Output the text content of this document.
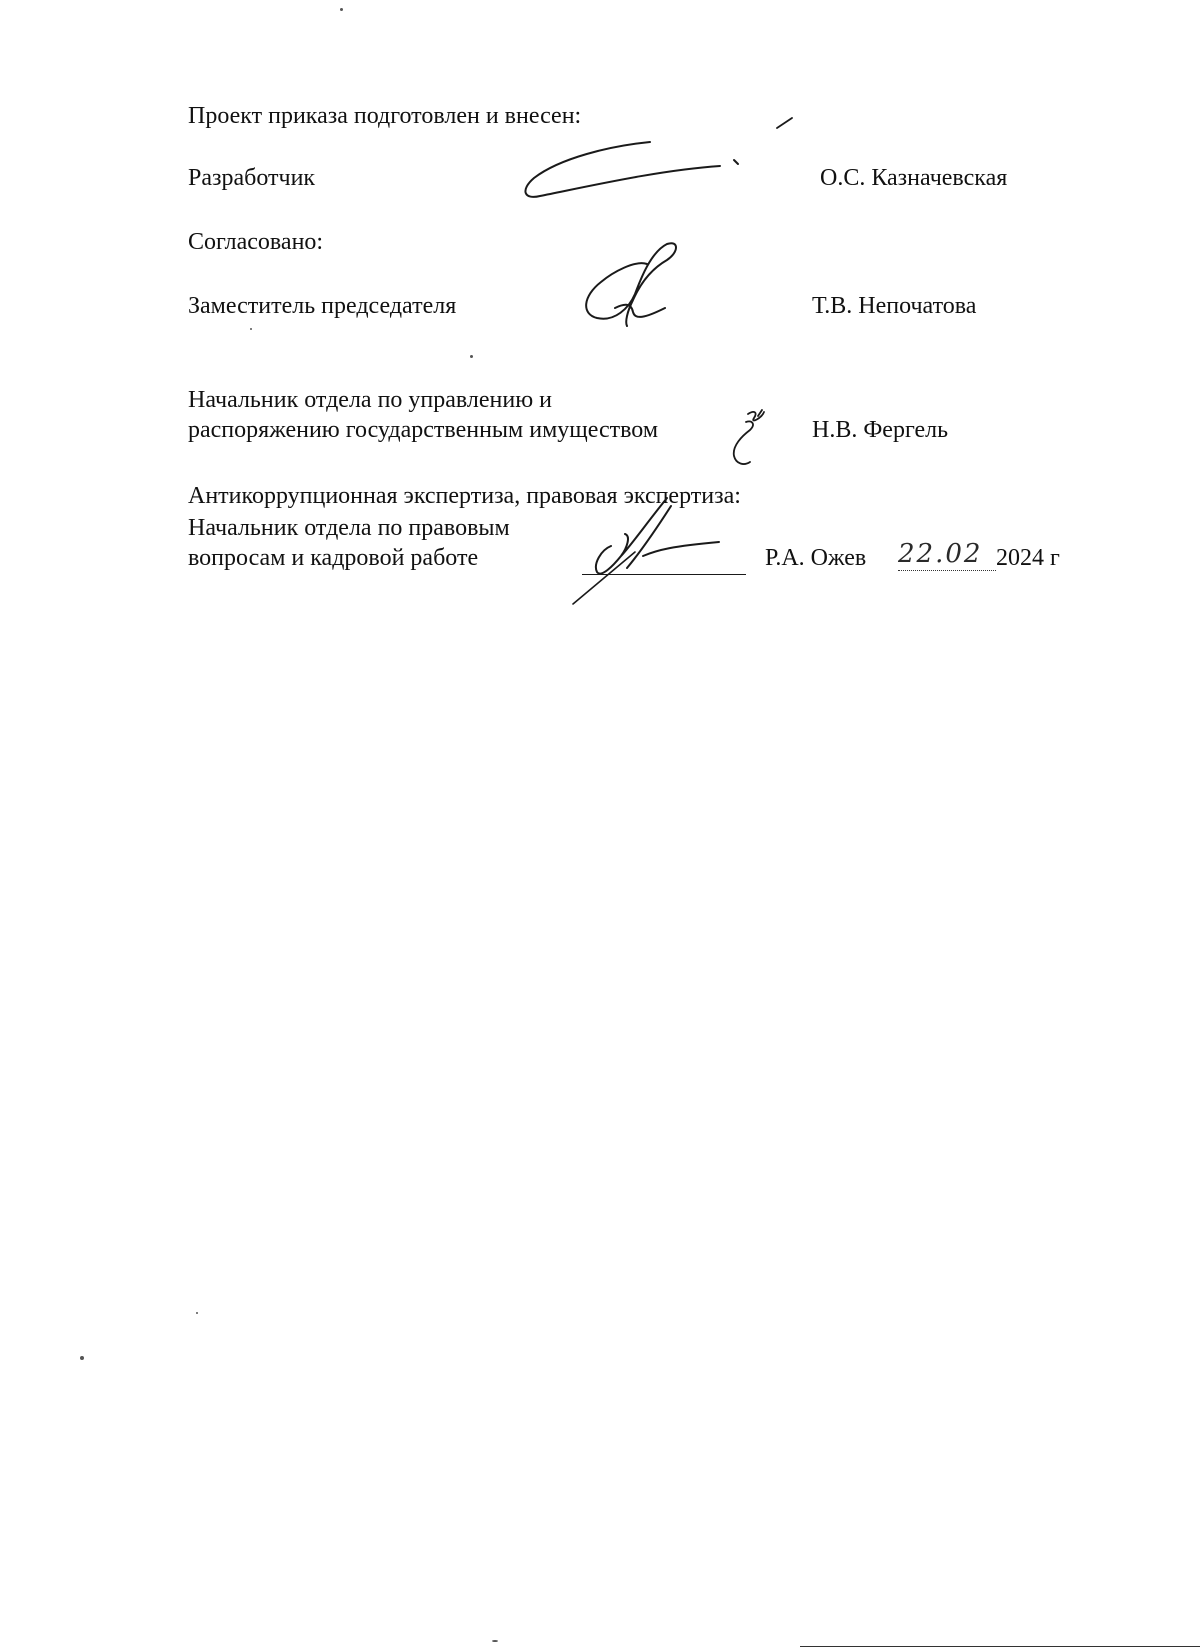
Проект приказа подготовлен и внесен:
Разработчик	О.С. Казначевская
Согласовано:
Заместитель председателя	Т.В. Непочатова
Начальник отдела по управлению и
распоряжению государственным имуществом	Н.В. Фергель
Антикоррупционная экспертиза, правовая экспертиза:
Начальник отдела по правовым
вопросам и кадровой работе	Р.А. Ожев 22.02 2024 г
